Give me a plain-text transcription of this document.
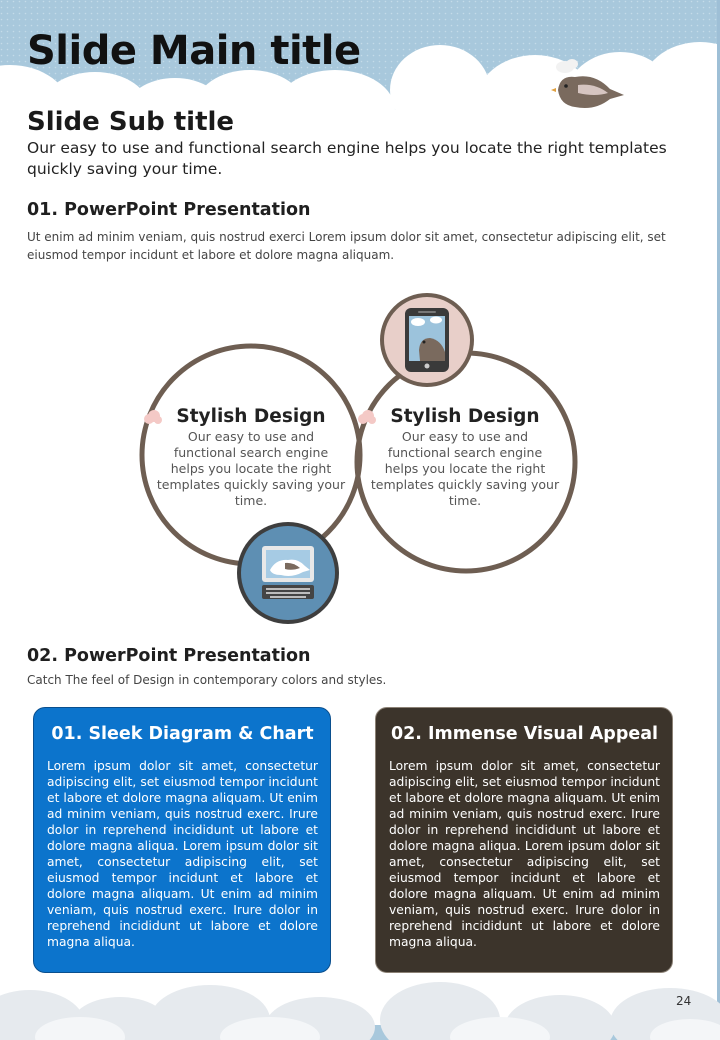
Slide Main title
Slide Sub title
Our easy to use and functional search engine helps you locate the right templates quickly saving your time.
01. PowerPoint Presentation
Ut enim ad minim veniam, quis nostrud exerci Lorem ipsum dolor sit amet, consectetur adipiscing elit, set eiusmod tempor incidunt et labore et dolore magna aliquam.
Stylish Design
Our easy to use and functional search engine helps you locate the right templates quickly saving your time.
Stylish Design
Our easy to use and functional search engine helps you locate the right templates quickly saving your time.
02. PowerPoint Presentation
Catch The feel of Design in contemporary colors and styles.
01. Sleek Diagram & Chart
Lorem ipsum dolor sit amet, consectetur adipiscing elit, set eiusmod tempor incidunt et labore et dolore magna aliquam. Ut enim ad minim veniam, quis nostrud exerc. Irure dolor in reprehend incididunt ut labore et dolore magna aliqua. Lorem ipsum dolor sit amet, consectetur adipiscing elit, set eiusmod tempor incidunt et labore et dolore magna aliquam. Ut enim ad minim veniam, quis nostrud exerc. Irure dolor in reprehend incididunt ut labore et dolore magna aliqua.
02. Immense Visual Appeal
Lorem ipsum dolor sit amet, consectetur adipiscing elit, set eiusmod tempor incidunt et labore et dolore magna aliquam. Ut enim ad minim veniam, quis nostrud exerc. Irure dolor in reprehend incididunt ut labore et dolore magna aliqua. Lorem ipsum dolor sit amet, consectetur adipiscing elit, set eiusmod tempor incidunt et labore et dolore magna aliquam. Ut enim ad minim veniam, quis nostrud exerc. Irure dolor in reprehend incididunt ut labore et dolore magna aliqua.
24
